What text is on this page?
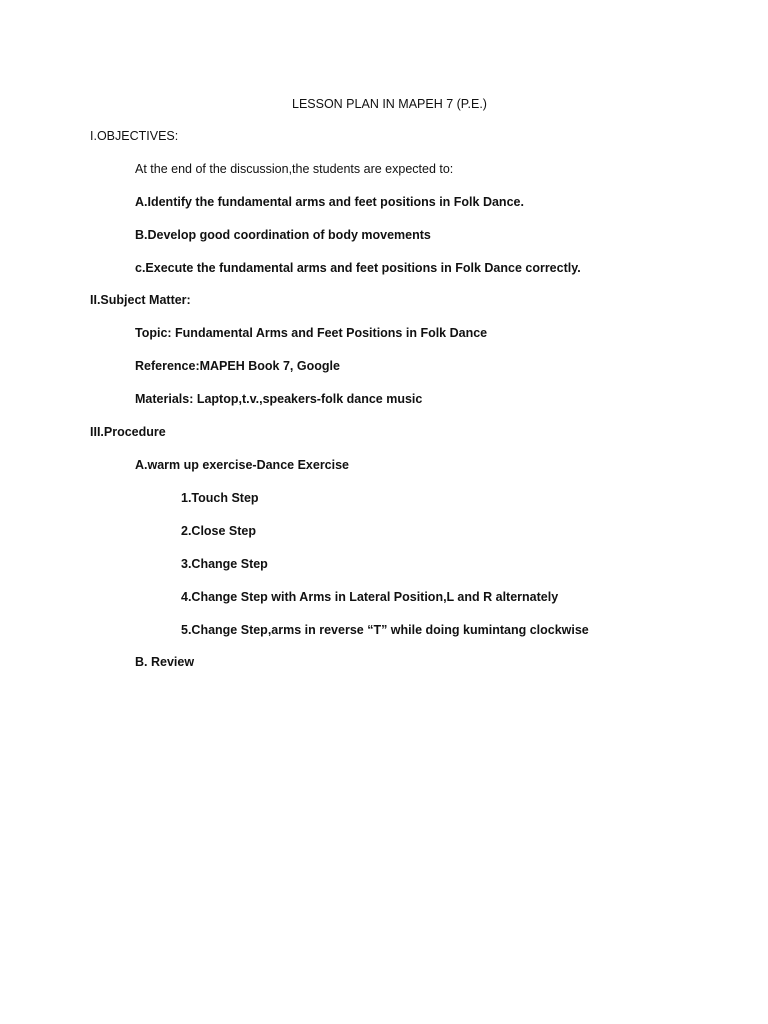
LESSON PLAN IN MAPEH 7 (P.E.)
I.OBJECTIVES:
At the end of the discussion,the students are expected to:
A.Identify the fundamental arms and feet positions in Folk Dance.
B.Develop good coordination of body movements
c.Execute the fundamental arms and feet positions in Folk Dance correctly.
II.Subject Matter:
Topic: Fundamental Arms and Feet Positions in Folk Dance
Reference:MAPEH Book 7, Google
Materials: Laptop,t.v.,speakers-folk dance music
III.Procedure
A.warm up exercise-Dance Exercise
1.Touch Step
2.Close Step
3.Change Step
4.Change Step with Arms in Lateral Position,L and R alternately
5.Change Step,arms in reverse “T” while doing kumintang clockwise
B. Review
